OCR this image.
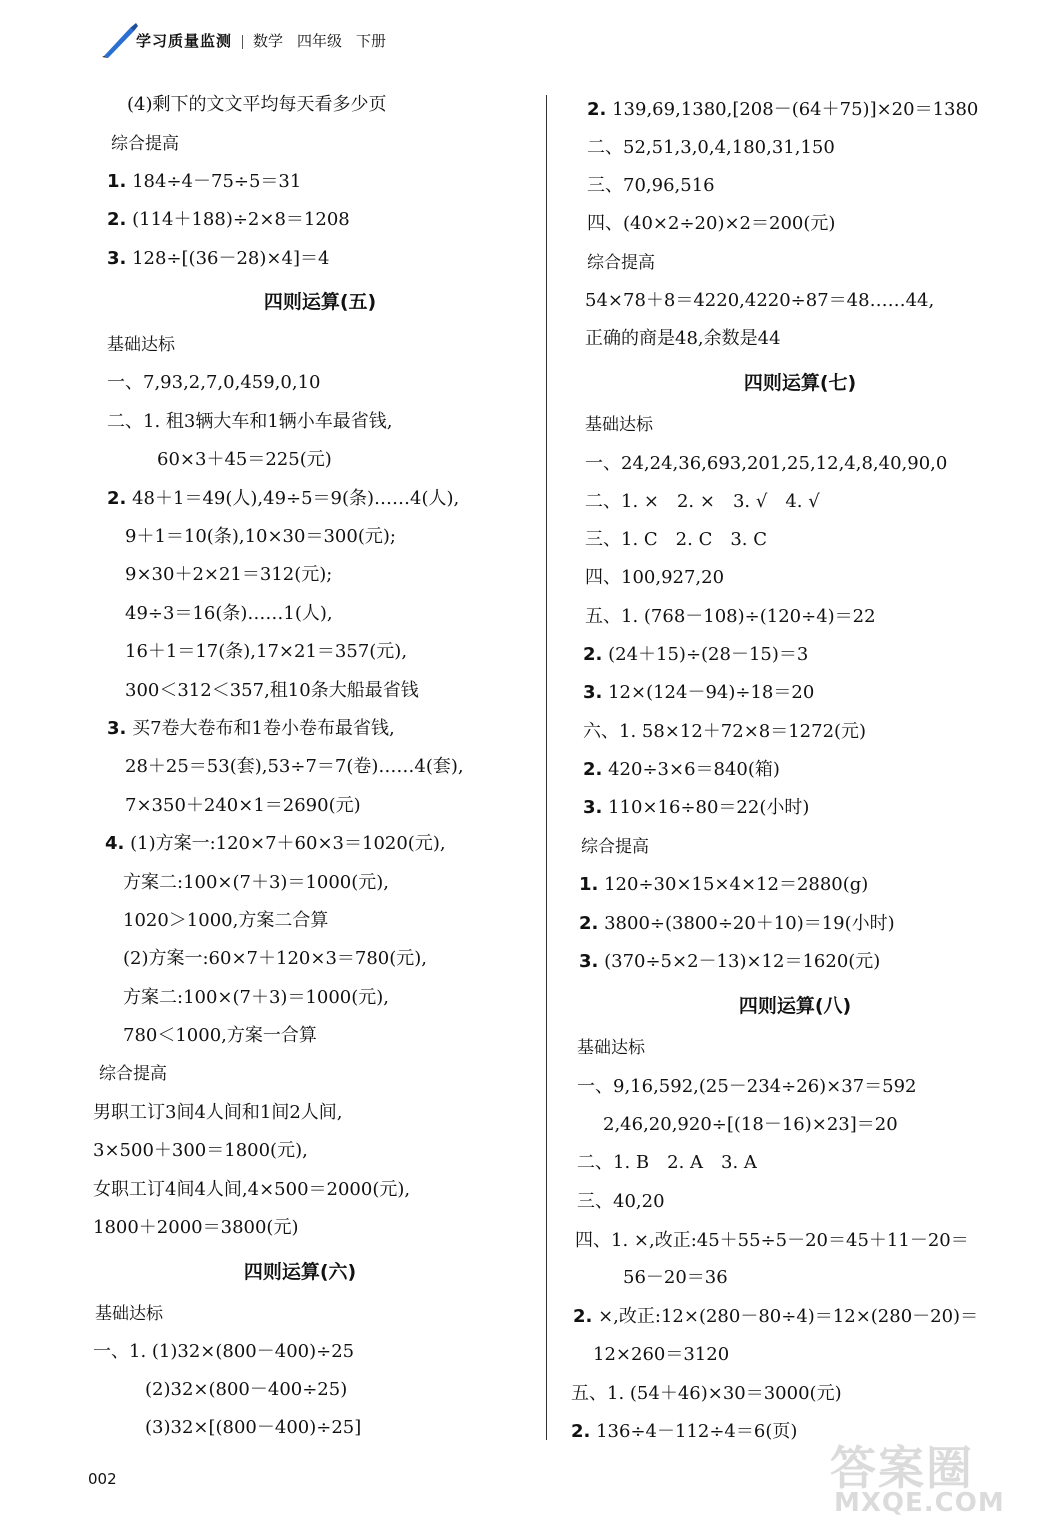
学习质量监测 数学 四年级 下册
(4)剩下的文文平均每天看多少页
综合提高
1. 184÷4－75÷5＝31
2. (114＋188)÷2×8＝1208
3. 128÷[(36－28)×4]＝4
四则运算(五)
基础达标
一、7,93,2,7,0,459,0,10
二、1. 租3辆大车和1辆小车最省钱,
60×3＋45＝225(元)
2. 48＋1＝49(人),49÷5＝9(条)……4(人),
9＋1＝10(条),10×30＝300(元);
9×30＋2×21＝312(元);
49÷3＝16(条)……1(人),
16＋1＝17(条),17×21＝357(元),
300＜312＜357,租10条大船最省钱
3. 买7卷大卷布和1卷小卷布最省钱,
28＋25＝53(套),53÷7＝7(卷)……4(套),
7×350＋240×1＝2690(元)
4. (1)方案一:120×7＋60×3＝1020(元),
方案二:100×(7＋3)＝1000(元),
1020＞1000,方案二合算
(2)方案一:60×7＋120×3＝780(元),
方案二:100×(7＋3)＝1000(元),
780＜1000,方案一合算
综合提高
男职工订3间4人间和1间2人间,
3×500＋300＝1800(元),
女职工订4间4人间,4×500＝2000(元),
1800＋2000＝3800(元)
四则运算(六)
基础达标
一、1. (1)32×(800－400)÷25
(2)32×(800－400÷25)
(3)32×[(800－400)÷25]
2. 139,69,1380,[208－(64＋75)]×20＝1380
二、52,51,3,0,4,180,31,150
三、70,96,516
四、(40×2÷20)×2＝200(元)
综合提高
54×78＋8＝4220,4220÷87＝48……44,
正确的商是48,余数是44
四则运算(七)
基础达标
一、24,24,36,693,201,25,12,4,8,40,90,0
二、1. ×　2. ×　3. √　4. √
三、1. C　2. C　3. C
四、100,927,20
五、1. (768－108)÷(120÷4)＝22
2. (24＋15)÷(28－15)＝3
3. 12×(124－94)÷18＝20
六、1. 58×12＋72×8＝1272(元)
2. 420÷3×6＝840(箱)
3. 110×16÷80＝22(小时)
综合提高
1. 120÷30×15×4×12＝2880(g)
2. 3800÷(3800÷20＋10)＝19(小时)
3. (370÷5×2－13)×12＝1620(元)
四则运算(八)
基础达标
一、9,16,592,(25－234÷26)×37＝592
2,46,20,920÷[(18－16)×23]＝20
二、1. B　2. A　3. A
三、40,20
四、1. ×,改正:45＋55÷5－20＝45＋11－20＝
56－20＝36
2. ×,改正:12×(280－80÷4)＝12×(280－20)＝
12×260＝3120
五、1. (54＋46)×30＝3000(元)
2. 136÷4－112÷4＝6(页)
002	答案圈
MXQE.COM
